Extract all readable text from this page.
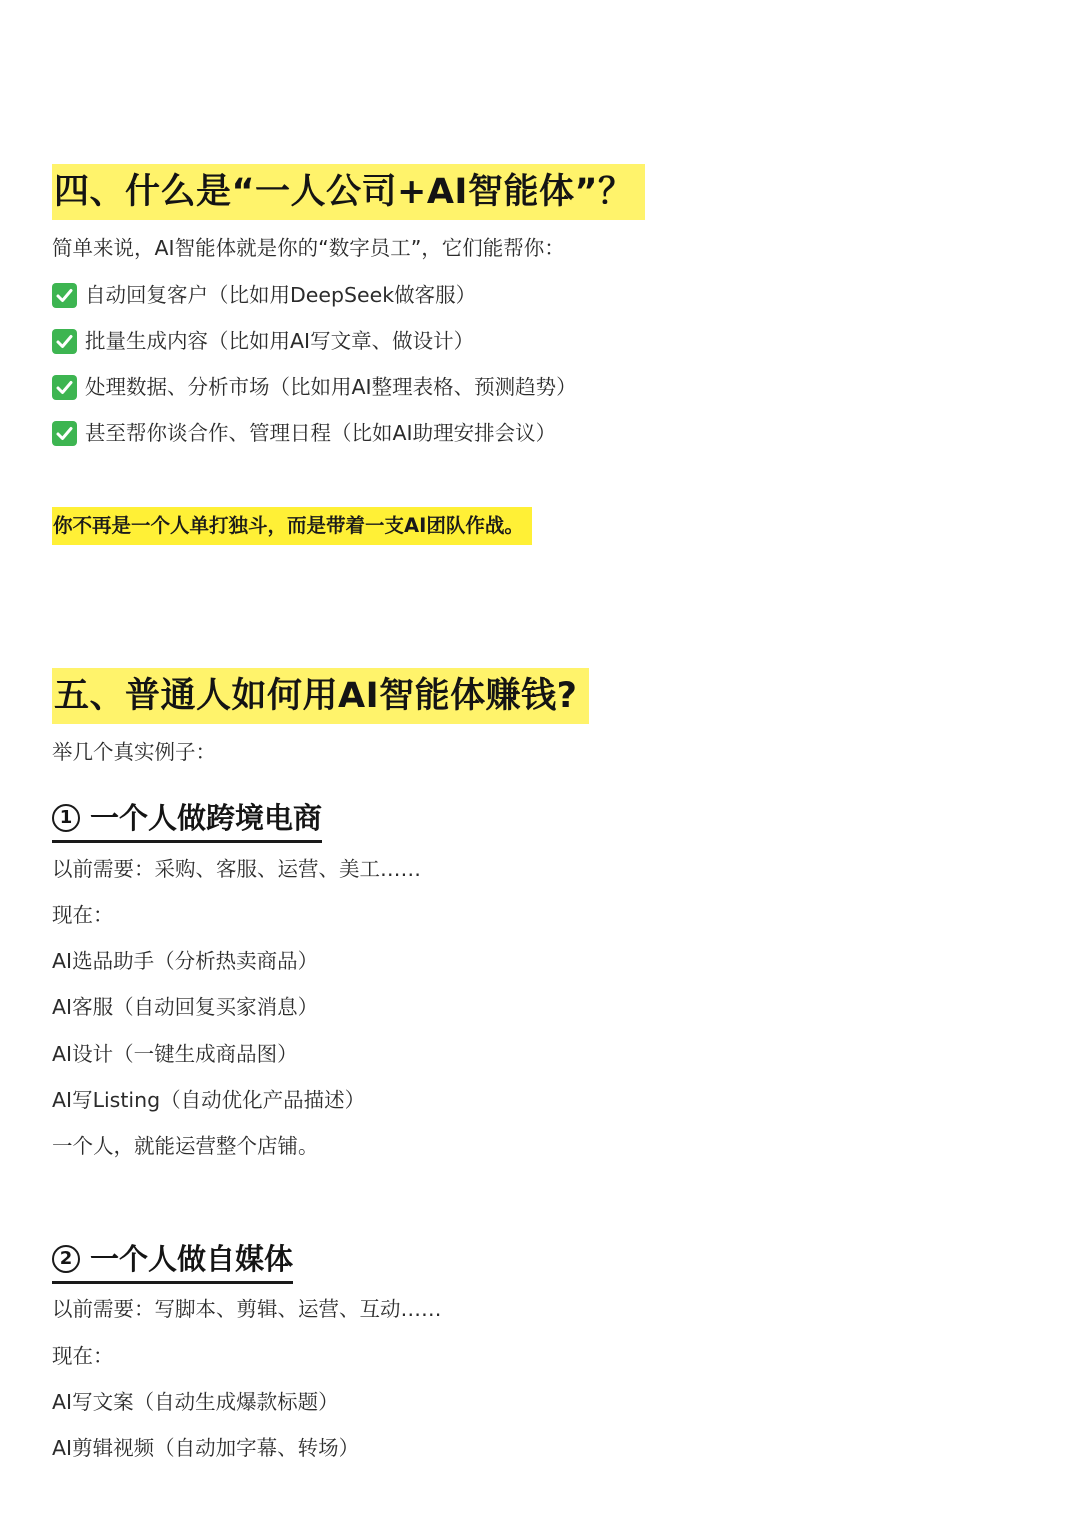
四、什么是“一人公司+AI智能体”？
简单来说，AI智能体就是你的“数字员工”，它们能帮你：
自动回复客户（比如用DeepSeek做客服）
批量生成内容（比如用AI写文章、做设计）
处理数据、分析市场（比如用AI整理表格、预测趋势）
甚至帮你谈合作、管理日程（比如AI助理安排会议）
你不再是一个人单打独斗，而是带着一支AI团队作战。
五、普通人如何用AI智能体赚钱?
举几个真实例子：
1 一个人做跨境电商
以前需要：采购、客服、运营、美工……
现在：
AI选品助手（分析热卖商品）
AI客服（自动回复买家消息）
AI设计（一键生成商品图）
AI写Listing（自动优化产品描述）
一个人，就能运营整个店铺。
2 一个人做自媒体
以前需要：写脚本、剪辑、运营、互动……
现在：
AI写文案（自动生成爆款标题）
AI剪辑视频（自动加字幕、转场）
